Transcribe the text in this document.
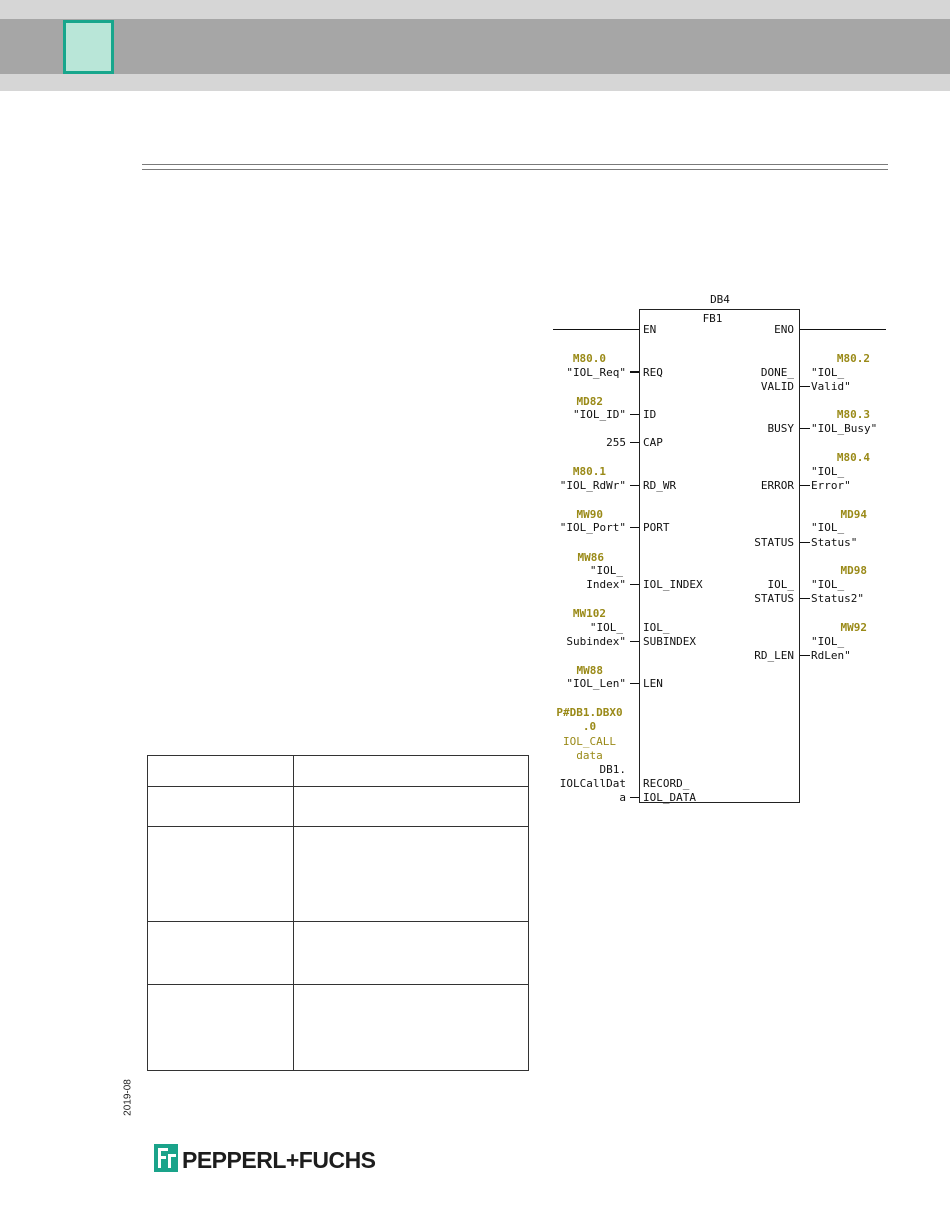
DB4
FB1
EN	ENO
M80.0
"IOL_Req" REQ
MD82
"IOL_ID" ID
255 CAP
M80.1
"IOL_RdWr" RD_WR
MW90
"IOL_Port" PORT
MW86
"IOL_
Index" IOL_INDEX
MW102
"IOL_
Subindex"
IOL_
SUBINDEX
MW88
"IOL_Len" LEN
P#DB1.DBX0
.0
IOL_CALL
data
DB1.
IOLCallDat
a
RECORD_
IOL_DATA
M80.2
DONE_
VALID
"IOL_
Valid"
M80.3
BUSY "IOL_Busy"
M80.4
ERROR
"IOL_
Error"
MD94
STATUS
"IOL_
Status"
MD98
IOL_
STATUS
"IOL_
Status2"
MW92
RD_LEN
"IOL_
RdLen"
2019-08
PEPPERL+FUCHS
